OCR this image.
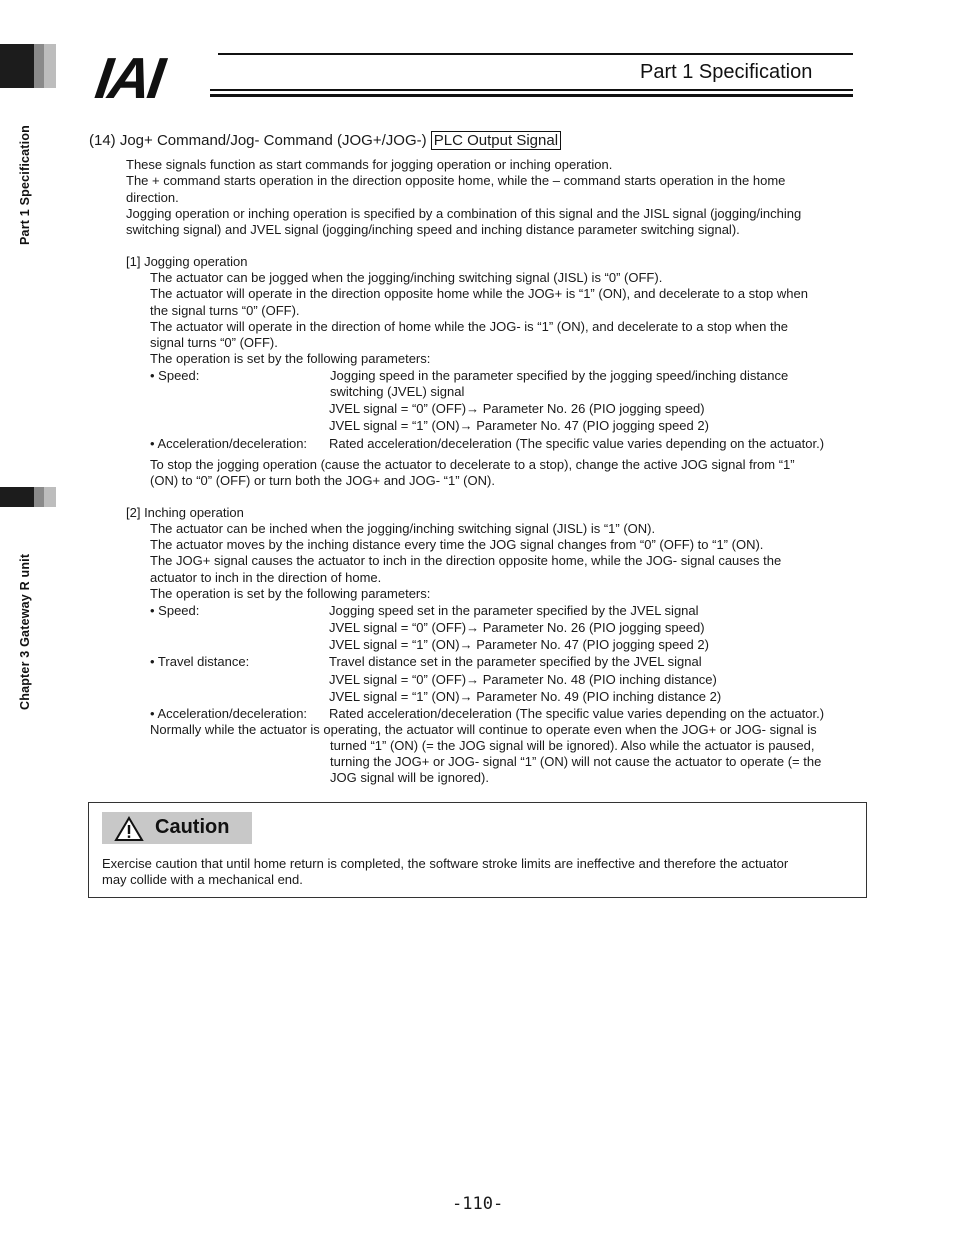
Part 1 Specification
Chapter 3 Gateway R unit
IAI	Part 1 Specification
(14) Jog+ Command/Jog- Command (JOG+/JOG-) PLC Output Signal
These signals function as start commands for jogging operation or inching operation.
The + command starts operation in the direction opposite home, while the – command starts operation in the home
direction.
Jogging operation or inching operation is specified by a combination of this signal and the JISL signal (jogging/inching
switching signal) and JVEL signal (jogging/inching speed and inching distance parameter switching signal).
[1] Jogging operation
The actuator can be jogged when the jogging/inching switching signal (JISL) is “0” (OFF).
The actuator will operate in the direction opposite home while the JOG+ is “1” (ON), and decelerate to a stop when
the signal turns “0” (OFF).
The actuator will operate in the direction of home while the JOG- is “1” (ON), and decelerate to a stop when the
signal turns “0” (OFF).
The operation is set by the following parameters:
• Speed:	Jogging speed in the parameter specified by the jogging speed/inching distance
switching (JVEL) signal
JVEL signal = “0” (OFF)→ Parameter No. 26 (PIO jogging speed)
JVEL signal = “1” (ON)→ Parameter No. 47 (PIO jogging speed 2)
• Acceleration/deceleration: Rated acceleration/deceleration (The specific value varies depending on the actuator.)
To stop the jogging operation (cause the actuator to decelerate to a stop), change the active JOG signal from “1”
(ON) to “0” (OFF) or turn both the JOG+ and JOG- “1” (ON).
[2] Inching operation
The actuator can be inched when the jogging/inching switching signal (JISL) is “1” (ON).
The actuator moves by the inching distance every time the JOG signal changes from “0” (OFF) to “1” (ON).
The JOG+ signal causes the actuator to inch in the direction opposite home, while the JOG- signal causes the
actuator to inch in the direction of home.
The operation is set by the following parameters:
• Speed:	Jogging speed set in the parameter specified by the JVEL signal
JVEL signal = “0” (OFF)→ Parameter No. 26 (PIO jogging speed)
JVEL signal = “1” (ON)→ Parameter No. 47 (PIO jogging speed 2)
• Travel distance:	Travel distance set in the parameter specified by the JVEL signal
JVEL signal = “0” (OFF)→ Parameter No. 48 (PIO inching distance)
JVEL signal = “1” (ON)→ Parameter No. 49 (PIO inching distance 2)
• Acceleration/deceleration: Rated acceleration/deceleration (The specific value varies depending on the actuator.)
Normally while the actuator is operating, the actuator will continue to operate even when the JOG+ or JOG- signal is
turned “1” (ON) (= the JOG signal will be ignored). Also while the actuator is paused,
turning the JOG+ or JOG- signal “1” (ON) will not cause the actuator to operate (= the
JOG signal will be ignored).
Caution
Exercise caution that until home return is completed, the software stroke limits are ineffective and therefore the actuator
may collide with a mechanical end.
-110-
